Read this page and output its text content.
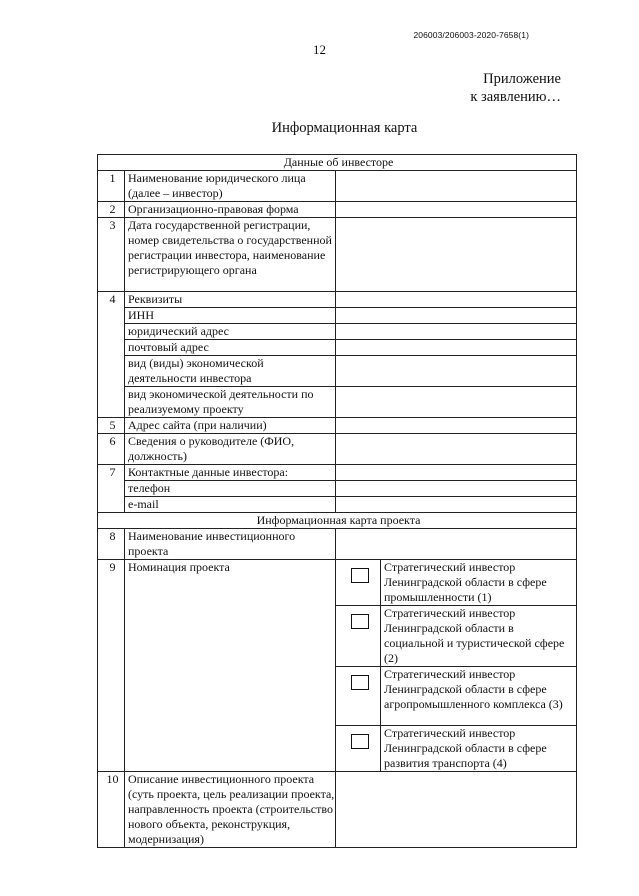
206003/206003-2020-7658(1)
12
Приложение
к заявлению…
Информационная карта
Данные об инвесторе			
1	Наименование юридического лица (далее – инвестор)		
2	Организационно-правовая форма		
3	Дата государственной регистрации, номер свидетельства о государственной регистрации инвестора, наименование регистрирующего органа		
4	Реквизиты		
	ИНН		
	юридический адрес		
	почтовый адрес		
	вид (виды) экономической деятельности инвестора		
	вид экономической деятельности по реализуемому проекту		
5	Адрес сайта (при наличии)		
6	Сведения о руководителе (ФИО, должность)		
7	Контактные данные инвестора:		
	телефон		
	e-mail		
Информационная карта проекта			
8	Наименование инвестиционного проекта		
9	Номинация проекта		Стратегический инвестор Ленинградской области в сфере промышленности (1)

			Стратегический инвестор Ленинградской области в социальной и туристической сфере (2)

			Стратегический инвестор Ленинградской области в сфере агропромышленного комплекса (3)

			Стратегический инвестор Ленинградской области в сфере развития транспорта (4)
10	Описание инвестиционного проекта (суть проекта, цель реализации проекта, направленность проекта (строительство нового объекта, реконструкция, модернизация)		
